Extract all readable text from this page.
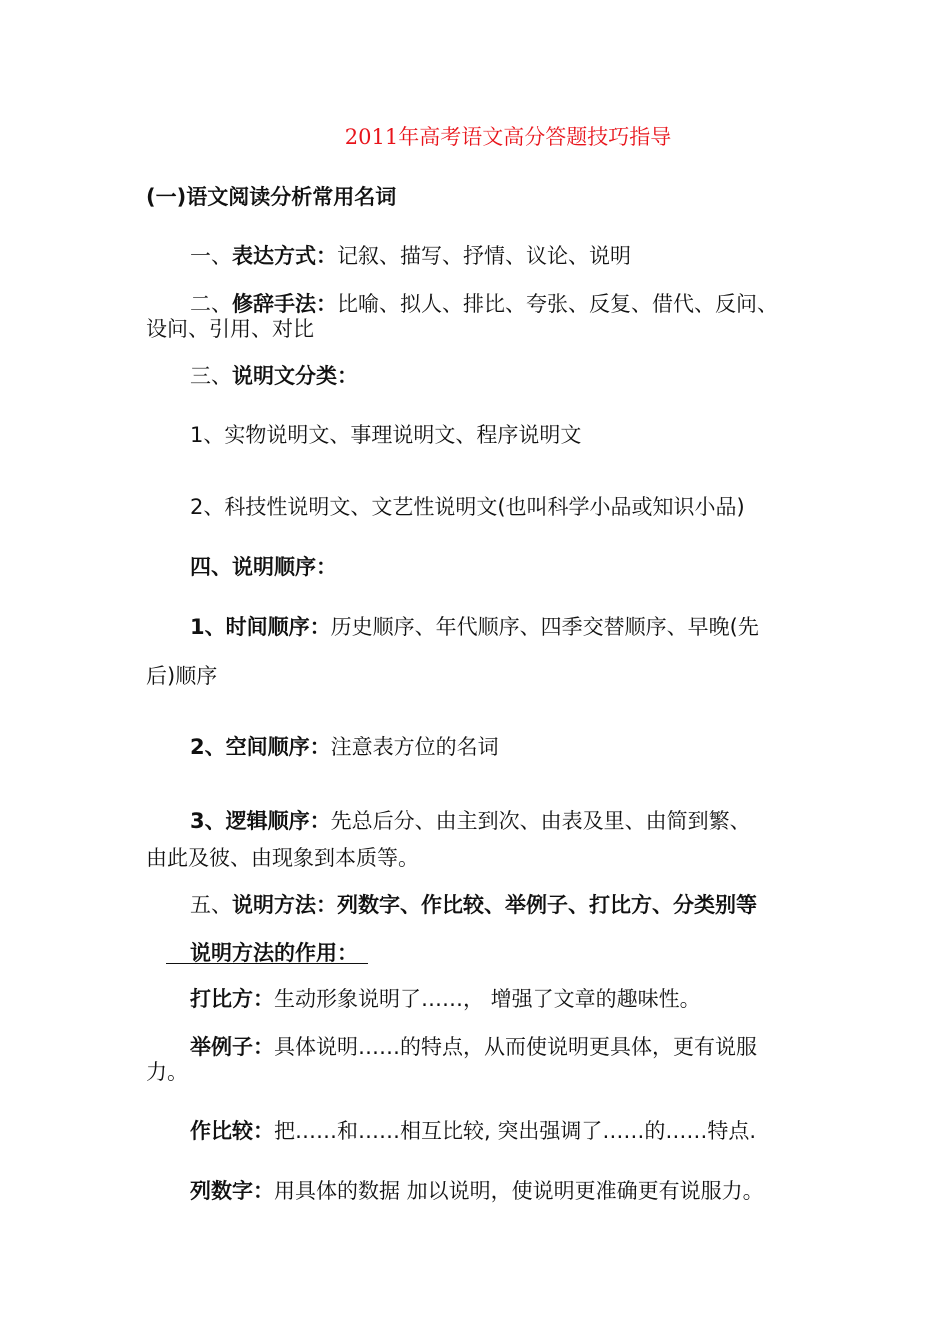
2011年高考语文高分答题技巧指导
(一)语文阅读分析常用名词
一、表达方式：记叙、描写、抒情、议论、说明
二、修辞手法：比喻、拟人、排比、夸张、反复、借代、反问、
设问、引用、对比
三、说明文分类：
1、实物说明文、事理说明文、程序说明文
2、科技性说明文、文艺性说明文(也叫科学小品或知识小品)
四、说明顺序：
1、时间顺序：历史顺序、年代顺序、四季交替顺序、早晚(先
后)顺序
2、空间顺序：注意表方位的名词
3、逻辑顺序：先总后分、由主到次、由表及里、由简到繁、
由此及彼、由现象到本质等。
五、说明方法：列数字、作比较、举例子、打比方、分类别等
说明方法的作用：
打比方：生动形象说明了……， 增强了文章的趣味性。
举例子：具体说明……的特点，从而使说明更具体，更有说服
力。
作比较：把……和……相互比较, 突出强调了……的……特点.
列数字：用具体的数据 加以说明，使说明更准确更有说服力。
